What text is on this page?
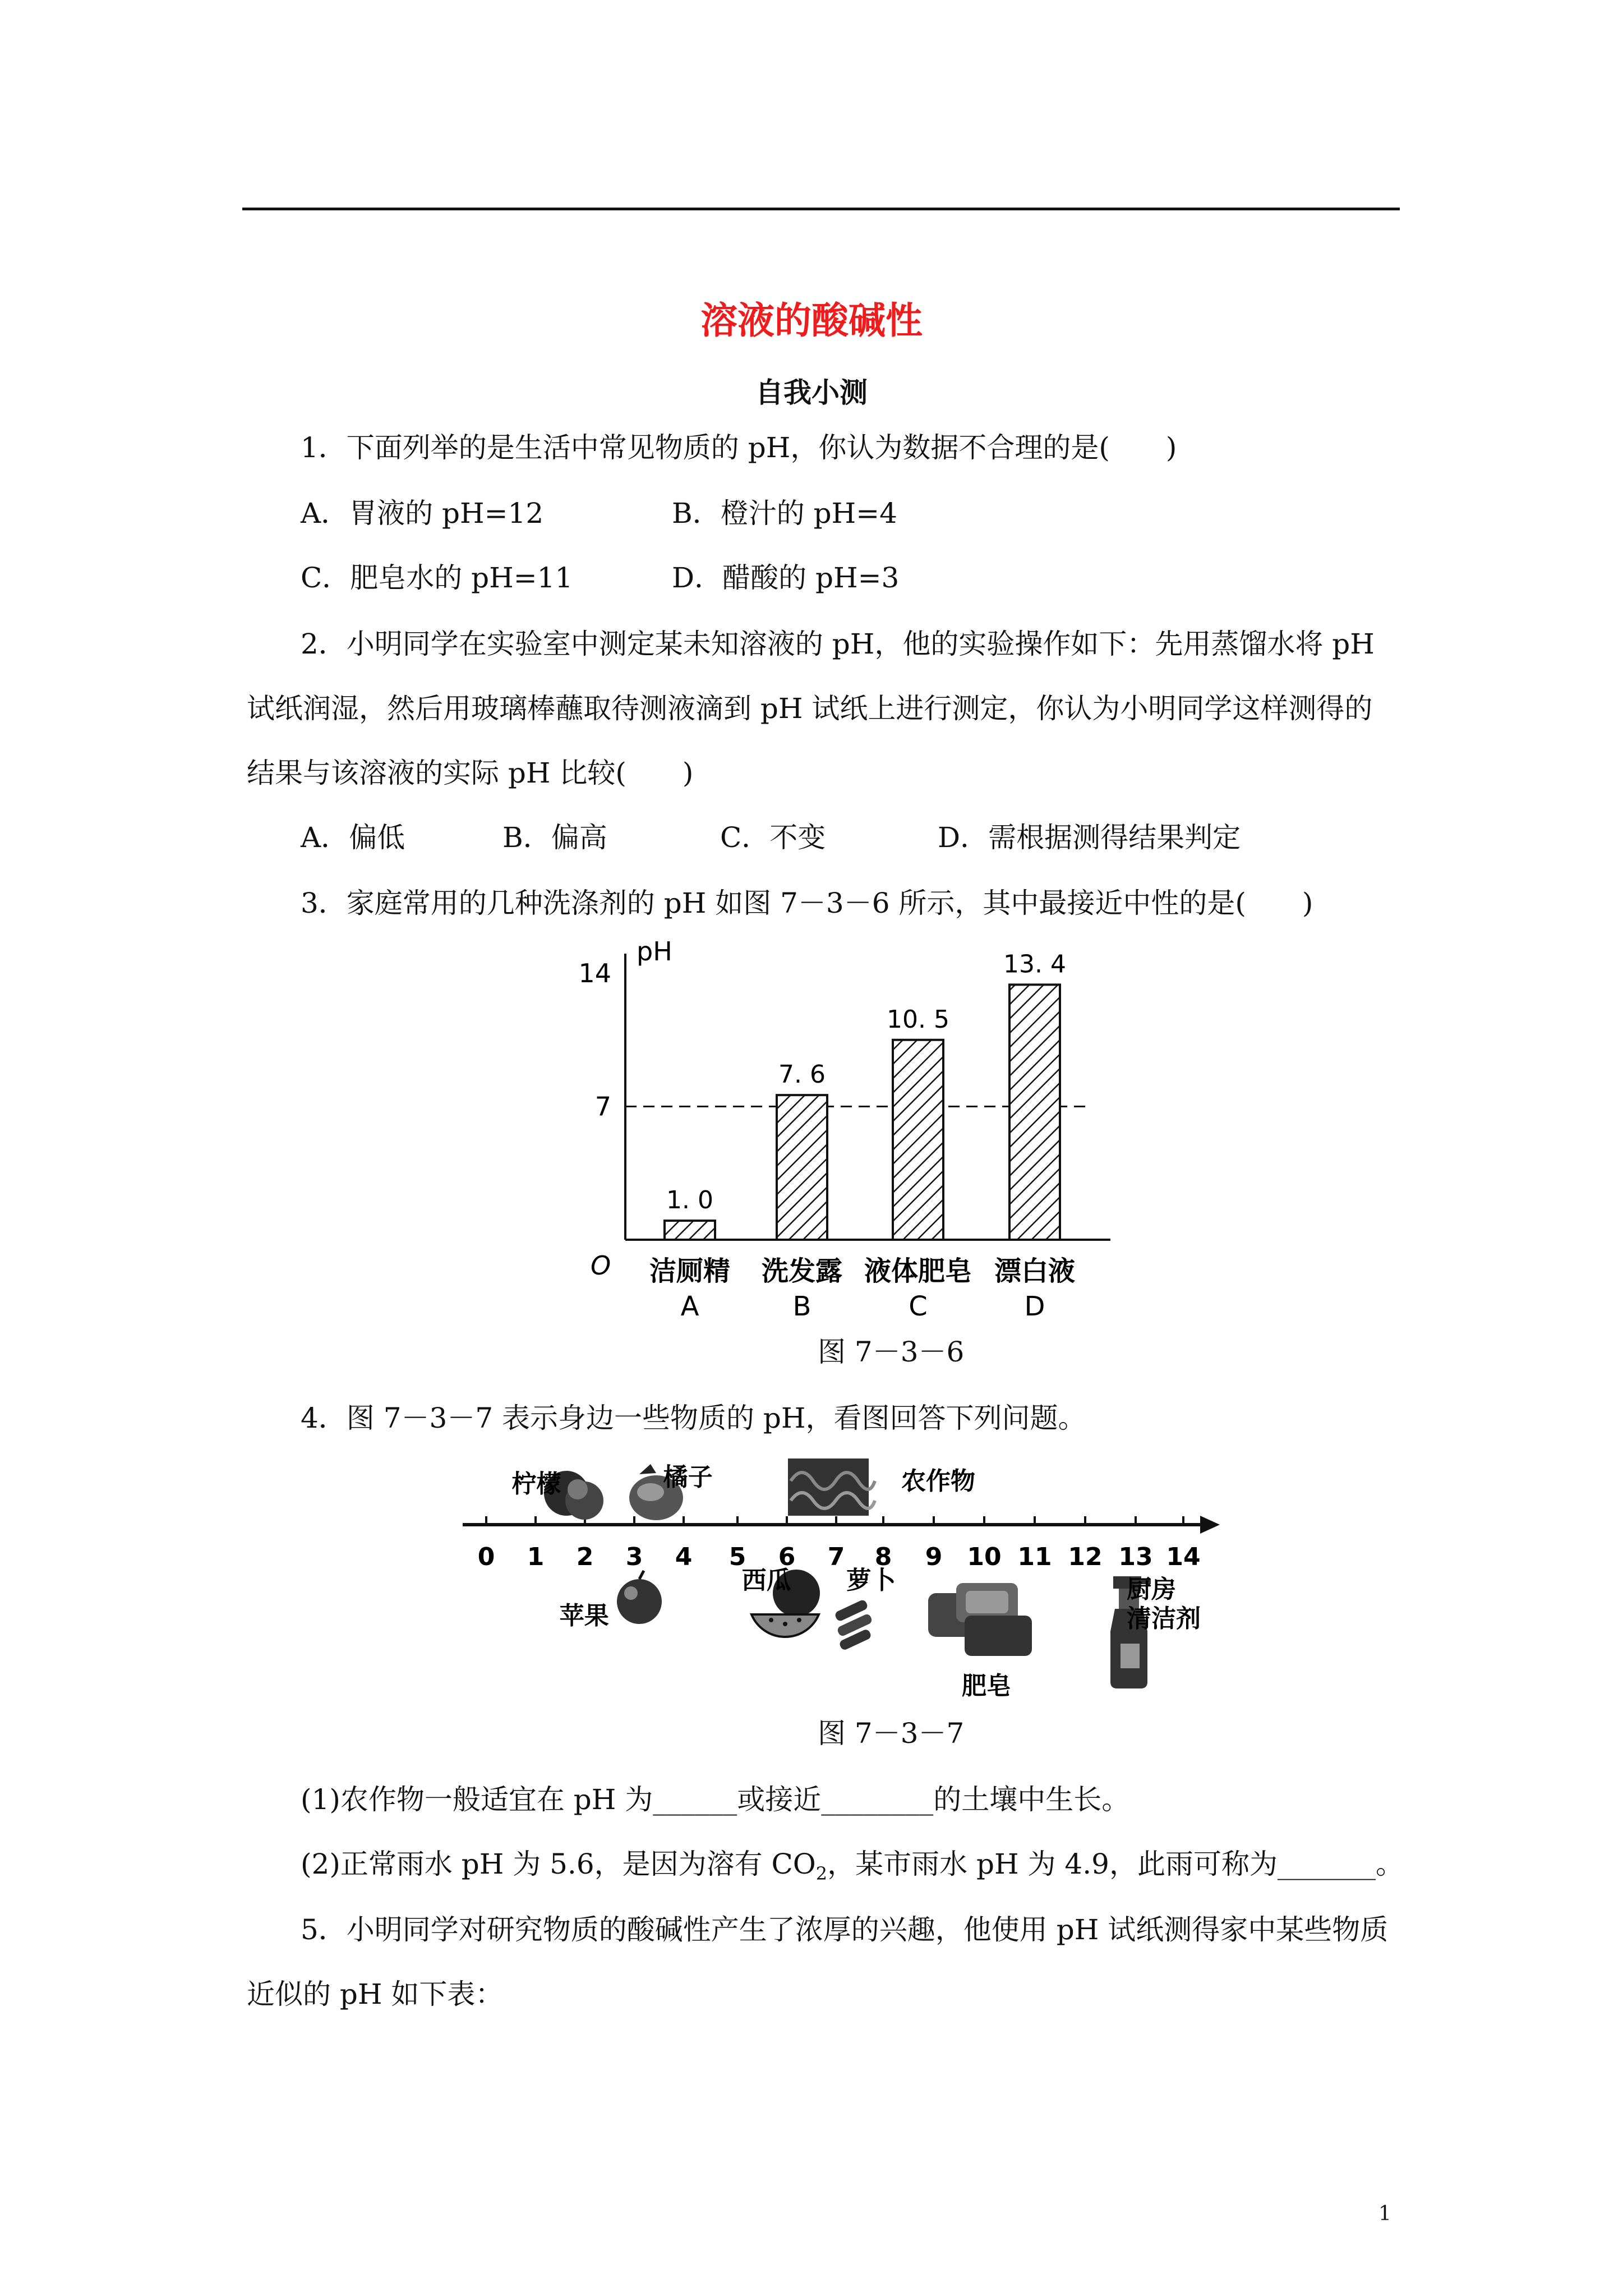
溶液的酸碱性
自我小测
1．下面列举的是生活中常见物质的 pH，你认为数据不合理的是(　　)
A．胃液的 pH=12	B．橙汁的 pH=4
C．肥皂水的 pH=11	D．醋酸的 pH=3
2．小明同学在实验室中测定某未知溶液的 pH，他的实验操作如下：先用蒸馏水将 pH
试纸润湿，然后用玻璃棒蘸取待测液滴到 pH 试纸上进行测定，你认为小明同学这样测得的
结果与该溶液的实际 pH 比较(　　)
A．偏低	B．偏高	C．不变	D．需根据测得结果判定
3．家庭常用的几种洗涤剂的 pH 如图 7－3－6 所示，其中最接近中性的是(　　)
pH
O
7
14
1. 0
洁厕精
A
7. 6
洗发露
B
10. 5
液体肥皂
C
13. 4
漂白液
D
图 7－3－6
4．图 7－3－7 表示身边一些物质的 pH，看图回答下列问题。
0 1 2 3 4 5 6 7 8 9 10 11 12 13 14
柠檬	橘子	农作物
苹果
西瓜 萝卜
肥皂
厨房
清洁剂
图 7－3－7
(1)农作物一般适宜在 pH 为______或接近________的土壤中生长。
(2)正常雨水 pH 为 5.6，是因为溶有 $CO_2$，某市雨水 pH 为 4.9，此雨可称为_______。
5．小明同学对研究物质的酸碱性产生了浓厚的兴趣，他使用 pH 试纸测得家中某些物质
近似的 pH 如下表：
1
